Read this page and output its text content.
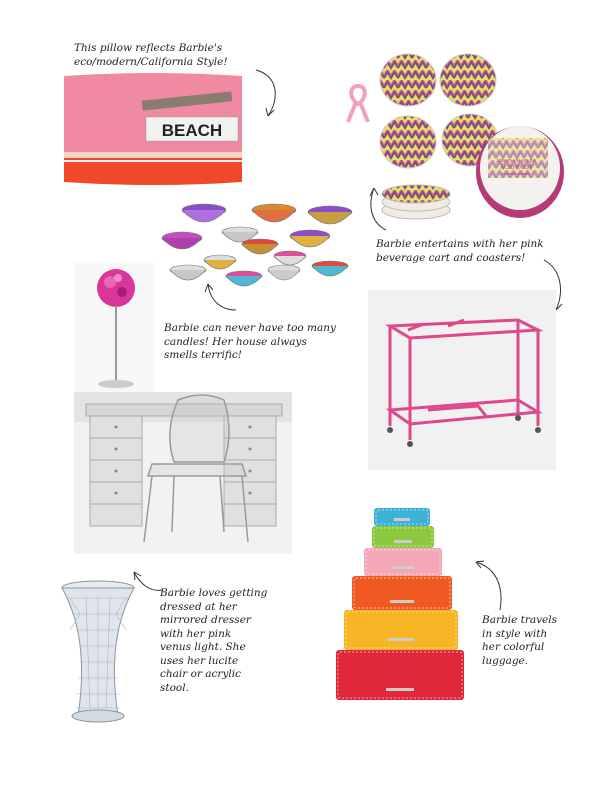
This pillow reflects Barbie's
eco/modern/California Style!
BEACH
JONATHAN ADLER
ACID PALM
porcelain coasters
Barbie entertains with her pink
beverage cart and coasters!
Barbie can never have too many
candles! Her house always
smells terrific!
Barbie travels
in style with
her colorful
luggage.
Barbie loves getting
dressed at her
mirrored dresser
with her pink
venus light. She
uses her lucite
chair or acrylic
stool.
